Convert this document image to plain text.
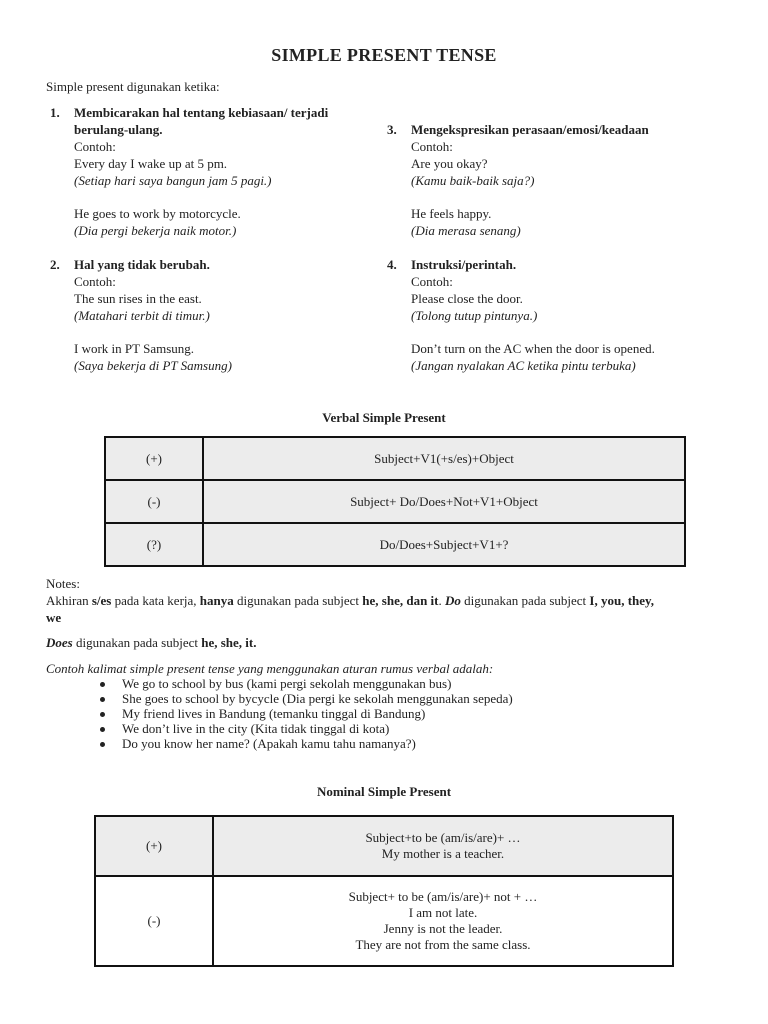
SIMPLE PRESENT TENSE
Simple present digunakan ketika:
1. Membicarakan hal tentang kebiasaan/ terjadi
berulang-ulang.
Contoh:
Every day I wake up at 5 pm.
(Setiap hari saya bangun jam 5 pagi.)
He goes to work by motorcycle.
(Dia pergi bekerja naik motor.)
2. Hal yang tidak berubah.
Contoh:
The sun rises in the east.
(Matahari terbit di timur.)
I work in PT Samsung.
(Saya bekerja di PT Samsung)
3. Mengekspresikan perasaan/emosi/keadaan
Contoh:
Are you okay?
(Kamu baik-baik saja?)
He feels happy.
(Dia merasa senang)
4. Instruksi/perintah.
Contoh:
Please close the door.
(Tolong tutup pintunya.)
Don’t turn on the AC when the door is opened.
(Jangan nyalakan AC ketika pintu terbuka)
Verbal Simple Present
(+)	Subject+V1(+s/es)+Object
(-)	Subject+ Do/Does+Not+V1+Object
(?)	Do/Does+Subject+V1+?
Notes:
Akhiran s/es pada kata kerja, hanya digunakan pada subject he, she, dan it. Do digunakan pada subject I, you, they,
we
Does digunakan pada subject he, she, it.
Contoh kalimat simple present tense yang menggunakan aturan rumus verbal adalah:
We go to school by bus (kami pergi sekolah menggunakan bus)
She goes to school by bycycle (Dia pergi ke sekolah menggunakan sepeda)
My friend lives in Bandung (temanku tinggal di Bandung)
We don’t live in the city (Kita tidak tinggal di kota)
Do you know her name? (Apakah kamu tahu namanya?)
Nominal Simple Present
(+)	Subject+to be (am/is/are)+ …
My mother is a teacher.

(-)	Subject+ to be (am/is/are)+ not + …
I am not late.
Jenny is not the leader.
They are not from the same class.
